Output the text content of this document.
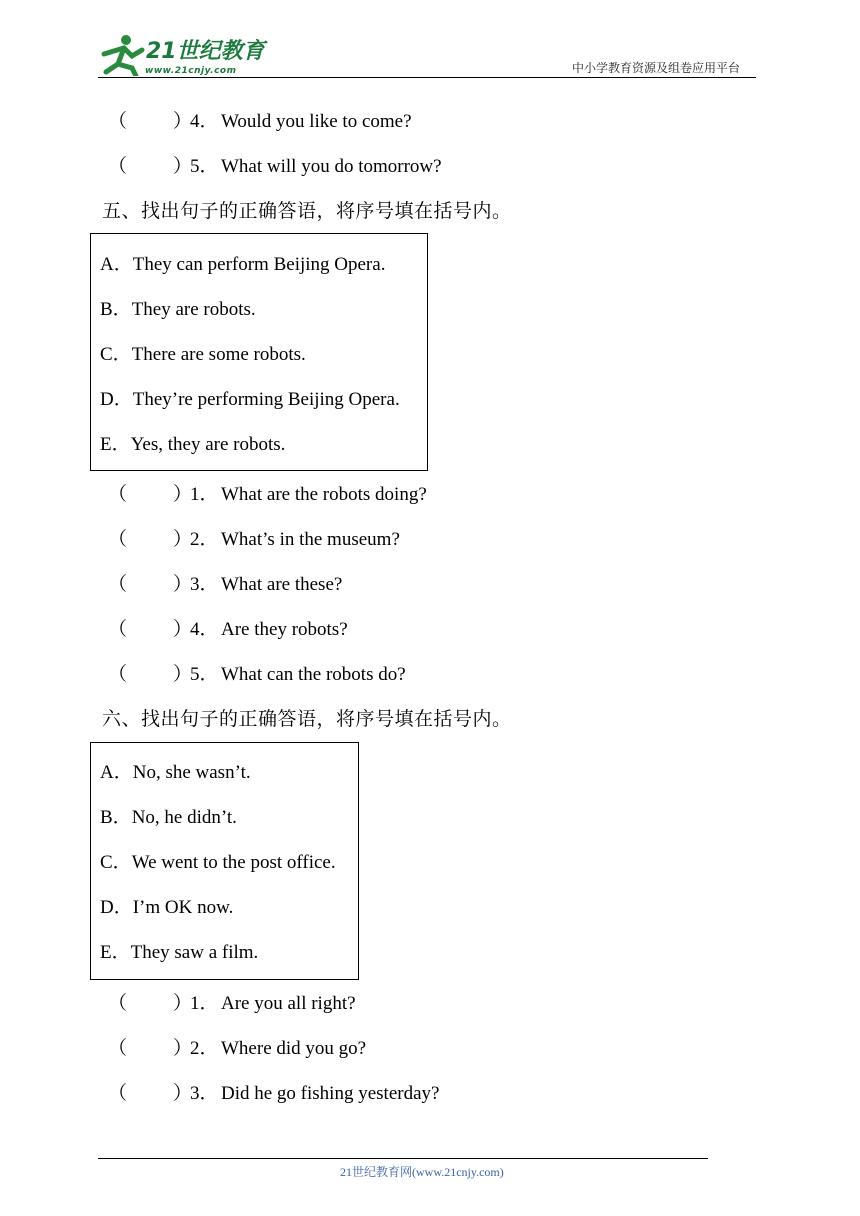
21世纪教育
www.21cnjy.com	中小学教育资源及组卷应用平台
（ ）
4． Would you like to come?
（ ）
5． What will you do tomorrow?
五、找出句子的正确答语，将序号填在括号内。
A．They can perform Beijing Opera.
B．They are robots.
C．There are some robots.
D．They’re performing Beijing Opera.
E．Yes, they are robots.
（ ）
1． What are the robots doing?
（ ）
2． What’s in the museum?
（ ）
3． What are these?
（ ）
4． Are they robots?
（ ）
5． What can the robots do?
六、找出句子的正确答语，将序号填在括号内。
A．No, she wasn’t.
B．No, he didn’t.
C．We went to the post office.
D．I’m OK now.
E．They saw a film.
（ ）
1． Are you all right?
（ ）
2． Where did you go?
（ ）
3． Did he go fishing yesterday?
21世纪教育网(www.21cnjy.com)
